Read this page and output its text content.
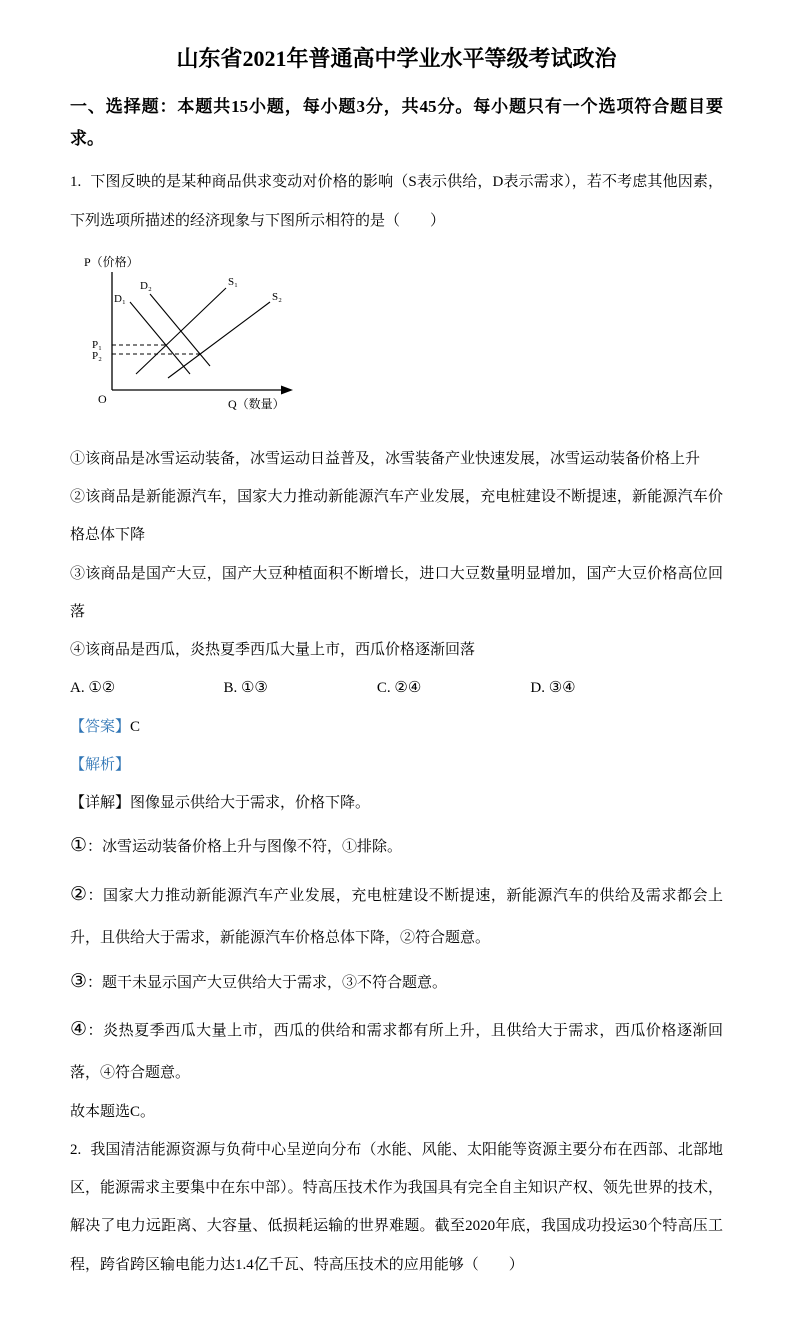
山东省2021年普通高中学业水平等级考试政治
一、选择题：本题共15小题，每小题3分，共45分。每小题只有一个选项符合题目要求。

1. 下图反映的是某种商品供求变动对价格的影响（S表示供给，D表示需求），若不考虑其他因素，下列选项所描述的经济现象与下图所示相符的是（　　）

P（价格）
Q（数量）
O
D₁
D₂	S₁
S₂
P₁
P₂

①该商品是冰雪运动装备，冰雪运动日益普及，冰雪装备产业快速发展，冰雪运动装备价格上升

②该商品是新能源汽车，国家大力推动新能源汽车产业发展，充电桩建设不断提速，新能源汽车价格总体下降

③该商品是国产大豆，国产大豆种植面积不断增长，进口大豆数量明显增加，国产大豆价格高位回落

④该商品是西瓜，炎热夏季西瓜大量上市，西瓜价格逐渐回落

A. ①②	B. ①③	C. ②④	D. ③④

【答案】C

【解析】

【详解】图像显示供给大于需求，价格下降。

①：冰雪运动装备价格上升与图像不符，①排除。

②：国家大力推动新能源汽车产业发展，充电桩建设不断提速，新能源汽车的供给及需求都会上升，且供给大于需求，新能源汽车价格总体下降，②符合题意。

③：题干未显示国产大豆供给大于需求，③不符合题意。

④：炎热夏季西瓜大量上市，西瓜的供给和需求都有所上升，且供给大于需求，西瓜价格逐渐回落，④符合题意。

故本题选C。

2. 我国清洁能源资源与负荷中心呈逆向分布（水能、风能、太阳能等资源主要分布在西部、北部地区，能源需求主要集中在东中部）。特高压技术作为我国具有完全自主知识产权、领先世界的技术，解决了电力远距离、大容量、低损耗运输的世界难题。截至2020年底，我国成功投运30个特高压工程，跨省跨区输电能力达1.4亿千瓦、特高压技术的应用能够（　　）
